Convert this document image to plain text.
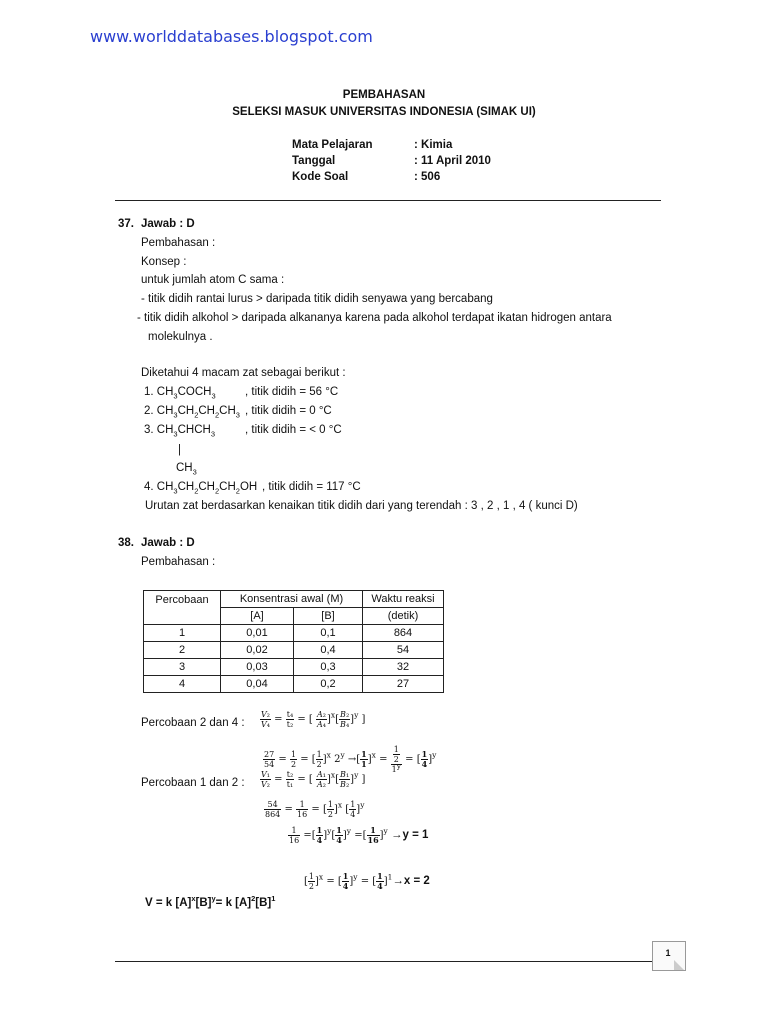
www.worlddatabases.blogspot.com
PEMBAHASAN
SELEKSI MASUK UNIVERSITAS INDONESIA (SIMAK UI)
Mata Pelajaran	: Kimia
Tanggal	: 11 April 2010
Kode Soal	: 506
37. Jawab : D
Pembahasan :
Konsep :
untuk jumlah atom C sama :
- titik didih rantai lurus > daripada titik didih senyawa yang bercabang
- titik didih alkohol > daripada alkananya karena pada alkohol terdapat ikatan hidrogen antara
molekulnya .
Diketahui 4 macam zat sebagai berikut :
1. $CH_3COCH_3$	, titik didih = 56 °C
2. $CH_3CH_2CH_2CH_3$ , titik didih = 0 °C
3. $CH_3CHCH_3$	, titik didih = < 0 °C
|
$CH_3$
4. $CH_3CH_2CH_2CH_2OH$ , titik didih = 117 °C
Urutan zat berdasarkan kenaikan titik didih dari yang terendah : 3 , 2 , 1 , 4 ( kunci D)
38. Jawab : D
Pembahasan :
Percobaan	Konsentrasi awal (M)		Waktu reaksi
	[A]	[B]	(detik)
1	0,01	0,1	864
2	0,02	0,4	54
3	0,03	0,3	32
4	0,04	0,2	27
Percobaan 2 dan 4 : $\frac{\text{V₂}}{\text{V₄}} = \frac{\text{t₄}}{\text{t₂}}$ = [ $\frac{\text{A₂}}{\text{A₄}} ]^x[ \frac{\text{B₂}}{\text{B₄}} ]^y$ ]
$\frac{27}{54} = \frac{1}{2}$ = [ $\frac{1}{2} ]^x$ $2^y$ →[ $\frac{1}{1} ]^x = \frac{\frac{1}{2}}{1^y}$ = [ $\frac{1}{4} ]^y$
Percobaan 1 dan 2 : $\frac{\text{V₁}}{\text{V₂}} = \frac{\text{t₂}}{\text{t₁}}$ = [ $\frac{\text{A₁}}{\text{A₂}} ]^x[ \frac{\text{B₁}}{\text{B₂}} ]^y$ ]
$\frac{54}{864} = \frac{1}{16}$ = [ $\frac{1}{2} ]^x$ [ $\frac{1}{4} ]^y$
$\frac{1}{16}$ =[ $\frac{1}{4} ]^y[ \frac{1}{4} ]^y$ =[ $\frac{1}{16} ]^y \to y = 1$
[ $\frac{1}{2} ]^x$ = [ $\frac{1}{4} ]^y$ = [ $\frac{1}{4} ]^1\to x = 2$
V = k $[A]^x[B]^y= k$ $[A]^2[B]^1$
1
